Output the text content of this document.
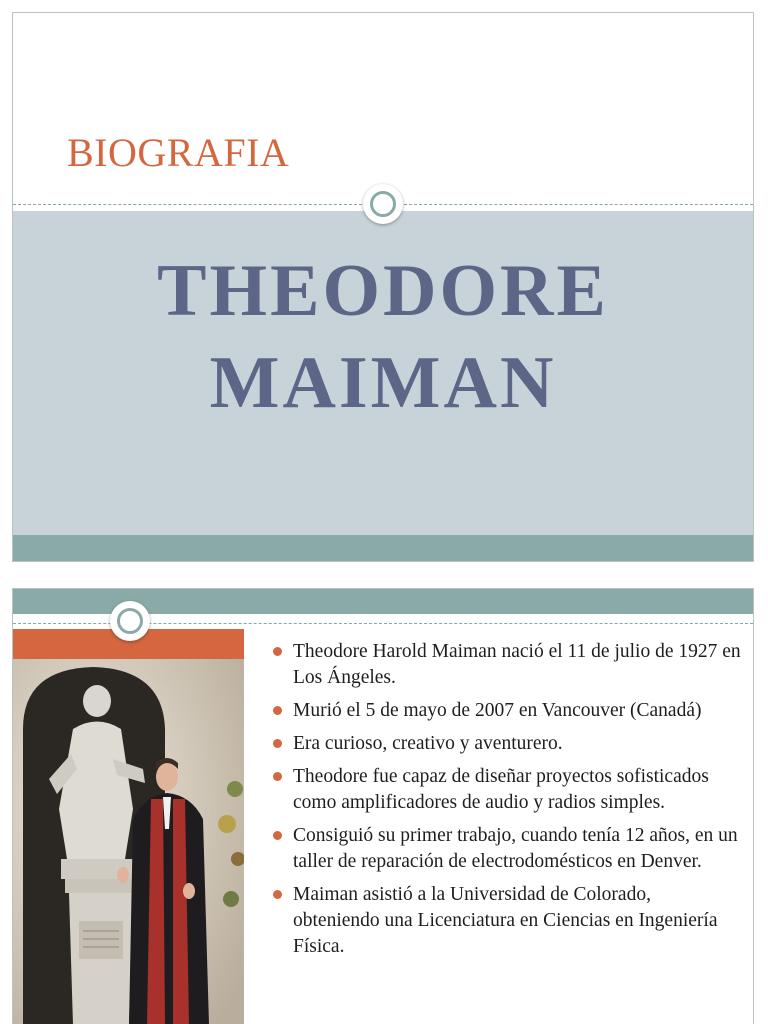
BIOGRAFIA
THEODORE
MAIMAN
Theodore Harold Maiman nació el 11 de julio de 1927 en Los Ángeles.
Murió el 5 de mayo de 2007 en Vancouver (Canadá)
Era curioso, creativo y aventurero.
Theodore fue capaz de diseñar proyectos sofisticados como amplificadores de audio y radios simples.
Consiguió su primer trabajo, cuando tenía 12 años, en un taller de reparación de electrodomésticos en Denver.
Maiman asistió a la Universidad de Colorado, obteniendo una Licenciatura en Ciencias en Ingeniería Física.
